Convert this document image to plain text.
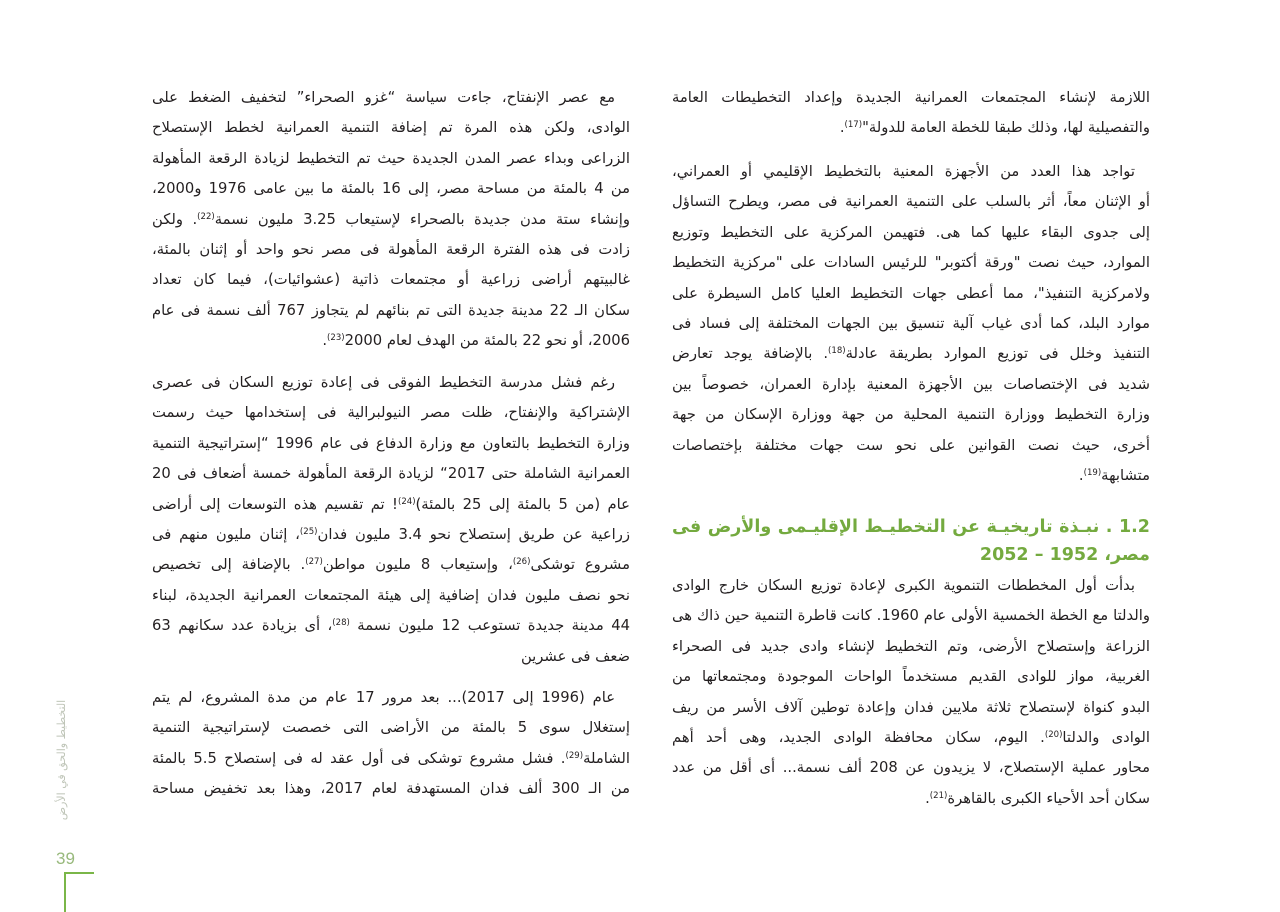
اللازمة لإنشاء المجتمعات العمرانية الجديدة وإعداد التخطيطات العامة
والتفصيلية لها، وذلك طبقا للخطة العامة للدولة"$^{(17)}$.
تواجد هذا العدد من الأجهزة المعنية بالتخطيط الإقليمي أو العمراني،
أو الإثنان معاً، أثر بالسلب على التنمية العمرانية فى مصر، ويطرح التساؤل
إلى جدوى البقاء عليها كما هى. فتهيمن المركزية على التخطيط وتوزيع
الموارد، حيث نصت "ورقة أكتوبر" للرئيس السادات على "مركزية التخطيط
ولامركزية التنفيذ"، مما أعطى جهات التخطيط العليا كامل السيطرة على
موارد البلد، كما أدى غياب آلية تنسيق بين الجهات المختلفة إلى فساد فى
التنفيذ وخلل فى توزيع الموارد بطريقة عادلة$^{(18)}$. بالإضافة يوجد تعارض
شديد فى الإختصاصات بين الأجهزة المعنية بإدارة العمران، خصوصاً بين
وزارة التخطيط ووزارة التنمية المحلية من جهة ووزارة الإسكان من جهة
أخرى، حيث نصت القوانين على نحو ست جهات مختلفة بإختصاصات
متشابهة$^{(19)}$.
1.2 . نبـذة تاريخيـة عن التخطيـط الإقليـمى والأرض فى
مصر، 1952 – 2052
بدأت أول المخططات التنموية الكبرى لإعادة توزيع السكان خارج الوادى
والدلتا مع الخطة الخمسية الأولى عام 1960. كانت قاطرة التنمية حين ذاك هى
الزراعة وإستصلاح الأرضى، وتم التخطيط لإنشاء وادى جديد فى الصحراء
الغربية، مواز للوادى القديم مستخدماً الواحات الموجودة ومجتمعاتها من
البدو كنواة لإستصلاح ثلاثة ملايين فدان وإعادة توطين آلاف الأسر من ريف
الوادى والدلتا$^{(20)}$. اليوم، سكان محافظة الوادى الجديد، وهى أحد أهم
محاور عملية الإستصلاح، لا يزيدون عن 208 ألف نسمة... أى أقل من عدد
سكان أحد الأحياء الكبرى بالقاهرة$^{(21)}$.
مع عصر الإنفتاح، جاءت سياسة “غزو الصحراء” لتخفيف الضغط على
الوادى، ولكن هذه المرة تم إضافة التنمية العمرانية لخطط الإستصلاح
الزراعى وبداء عصر المدن الجديدة حيث تم التخطيط لزيادة الرقعة المأهولة
من 4 بالمئة من مساحة مصر، إلى 16 بالمئة ما بين عامى 1976 و2000،
وإنشاء ستة مدن جديدة بالصحراء لإستيعاب 3.25 مليون نسمة$^{(22)}$. ولكن
زادت فى هذه الفترة الرقعة المأهولة فى مصر نحو واحد أو إثنان بالمئة،
غالبيتهم أراضى زراعية أو مجتمعات ذاتية (عشوائيات)، فيما كان تعداد
سكان الـ 22 مدينة جديدة التى تم بنائهم لم يتجاوز 767 ألف نسمة فى عام
2006، أو نحو 22 بالمئة من الهدف لعام 2000$^{(23)}$.
رغم فشل مدرسة التخطيط الفوقى فى إعادة توزيع السكان فى عصرى
الإشتراكية والإنفتاح، ظلت مصر النيولبرالية فى إستخدامها حيث رسمت
وزارة التخطيط بالتعاون مع وزارة الدفاع فى عام 1996 “إستراتيجية التنمية
العمرانية الشاملة حتى 2017“ لزيادة الرقعة المأهولة خمسة أضعاف فى 20
عام (من 5 بالمئة إلى 25 بالمئة)$^{(24)}$! تم تقسيم هذه التوسعات إلى أراضى
زراعية عن طريق إستصلاح نحو 3.4 مليون فدان$^{(25)}$، إثنان مليون منهم فى
مشروع توشكى$^{(26)}$، وإستيعاب 8 مليون مواطن$^{(27)}$. بالإضافة إلى تخصيص
نحو نصف مليون فدان إضافية إلى هيئة المجتمعات العمرانية الجديدة، لبناء
44 مدينة جديدة تستوعب 12 مليون نسمة $^{(28)}$، أى بزيادة عدد سكانهم 63
ضعف فى عشرين
عام (1996 إلى 2017)... بعد مرور 17 عام من مدة المشروع، لم يتم
إستغلال سوى 5 بالمئة من الأراضى التى خصصت لإستراتيجية التنمية
الشاملة$^{(29)}$. فشل مشروع توشكى فى أول عقد له فى إستصلاح 5.5 بالمئة
من الـ 300 ألف فدان المستهدفة لعام 2017، وهذا بعد تخفيض مساحة
التخطيط والحق في الأرض
39
